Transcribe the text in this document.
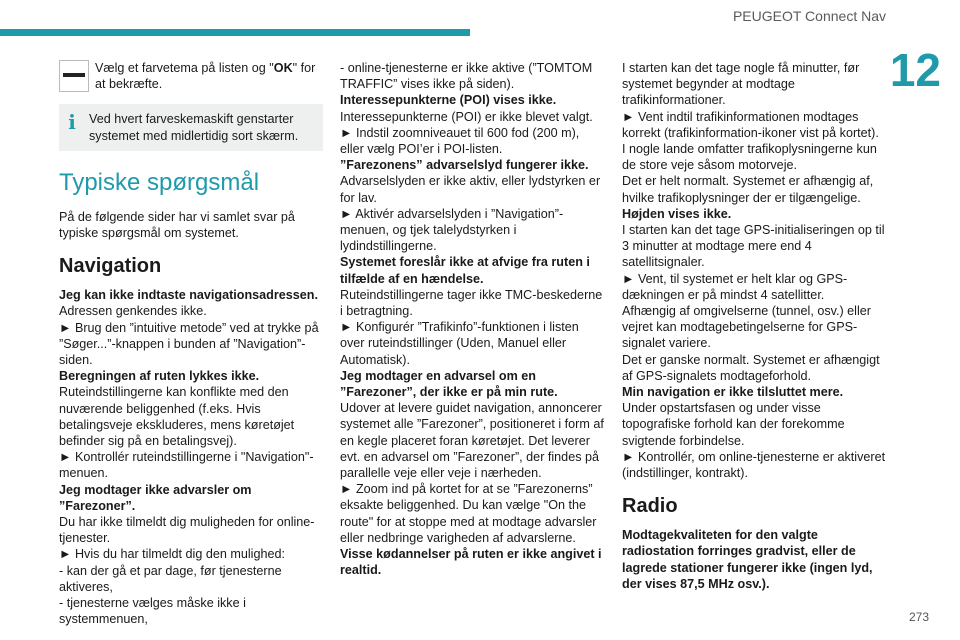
PEUGEOT Connect Nav
12

Vælg et farvetema på listen og "OK" for at bekræfte.

i	Ved hvert farveskemaskift genstarter systemet med midlertidig sort skærm.
Typiske spørgsmål

På de følgende sider har vi samlet svar på typiske spørgsmål om systemet.

Navigation

Jeg kan ikke indtaste navigationsadressen.

Adressen genkendes ikke.

► Brug den ”intuitive metode” ved at trykke på ”Søger...”-knappen i bunden af ”Navigation”-siden.

Beregningen af ruten lykkes ikke.

Ruteindstillingerne kan konflikte med den nuværende beliggenhed (f.eks. Hvis betalingsveje ekskluderes, mens køretøjet befinder sig på en betalingsvej).

► Kontrollér ruteindstillingerne i "Navigation"-menuen.

Jeg modtager ikke advarsler om ”Farezoner”.

Du har ikke tilmeldt dig muligheden for online-tjenester.

► Hvis du har tilmeldt dig den mulighed:

- kan der gå et par dage, før tjenesterne aktiveres,

- tjenesterne vælges måske ikke i systemmenuen,

- online-tjenesterne er ikke aktive (”TOMTOM TRAFFIC” vises ikke på siden).

Interessepunkterne (POI) vises ikke.

Interessepunkterne (POI) er ikke blevet valgt.

► Indstil zoomniveauet til 600 fod (200 m), eller vælg POI’er i POI-listen.

”Farezonens” advarselslyd fungerer ikke.

Advarselslyden er ikke aktiv, eller lydstyrken er for lav.

► Aktivér advarselslyden i ”Navigation”-menuen, og tjek talelydstyrken i lydindstillingerne.

Systemet foreslår ikke at afvige fra ruten i tilfælde af en hændelse.

Ruteindstillingerne tager ikke TMC-beskederne i betragtning.

► Konfigurér ”Trafikinfo”-funktionen i listen over ruteindstillinger (Uden, Manuel eller Automatisk).

Jeg modtager en advarsel om en ”Farezoner”, der ikke er på min rute.

Udover at levere guidet navigation, annoncerer systemet alle ”Farezoner”, positioneret i form af en kegle placeret foran køretøjet. Det leverer evt. en advarsel om ”Farezoner”, der findes på parallelle veje eller veje i nærheden.

► Zoom ind på kortet for at se ”Farezonerns” eksakte beliggenhed. Du kan vælge "On the route" for at stoppe med at modtage advarsler eller nedbringe varigheden af advarslerne.

Visse kødannelser på ruten er ikke angivet i realtid.

I starten kan det tage nogle få minutter, før systemet begynder at modtage trafikinformationer.

► Vent indtil trafikinformationen modtages korrekt (trafikinformation-ikoner vist på kortet).

I nogle lande omfatter trafikoplysningerne kun de store veje såsom motorveje.

Det er helt normalt. Systemet er afhængig af, hvilke trafikoplysninger der er tilgængelige.

Højden vises ikke.

I starten kan det tage GPS-initialiseringen op til 3 minutter at modtage mere end 4 satellitsignaler.

► Vent, til systemet er helt klar og GPS-dækningen er på mindst 4 satellitter.

Afhængig af omgivelserne (tunnel, osv.) eller vejret kan modtagebetingelserne for GPS-signalet variere.

Det er ganske normalt. Systemet er afhængigt af GPS-signalets modtageforhold.

Min navigation er ikke tilsluttet mere.

Under opstartsfasen og under visse topografiske forhold kan der forekomme svigtende forbindelse.

► Kontrollér, om online-tjenesterne er aktiveret (indstillinger, kontrakt).

Radio

Modtagekvaliteten for den valgte radiostation forringes gradvist, eller de lagrede stationer fungerer ikke (ingen lyd, der vises 87,5 MHz osv.).

273
